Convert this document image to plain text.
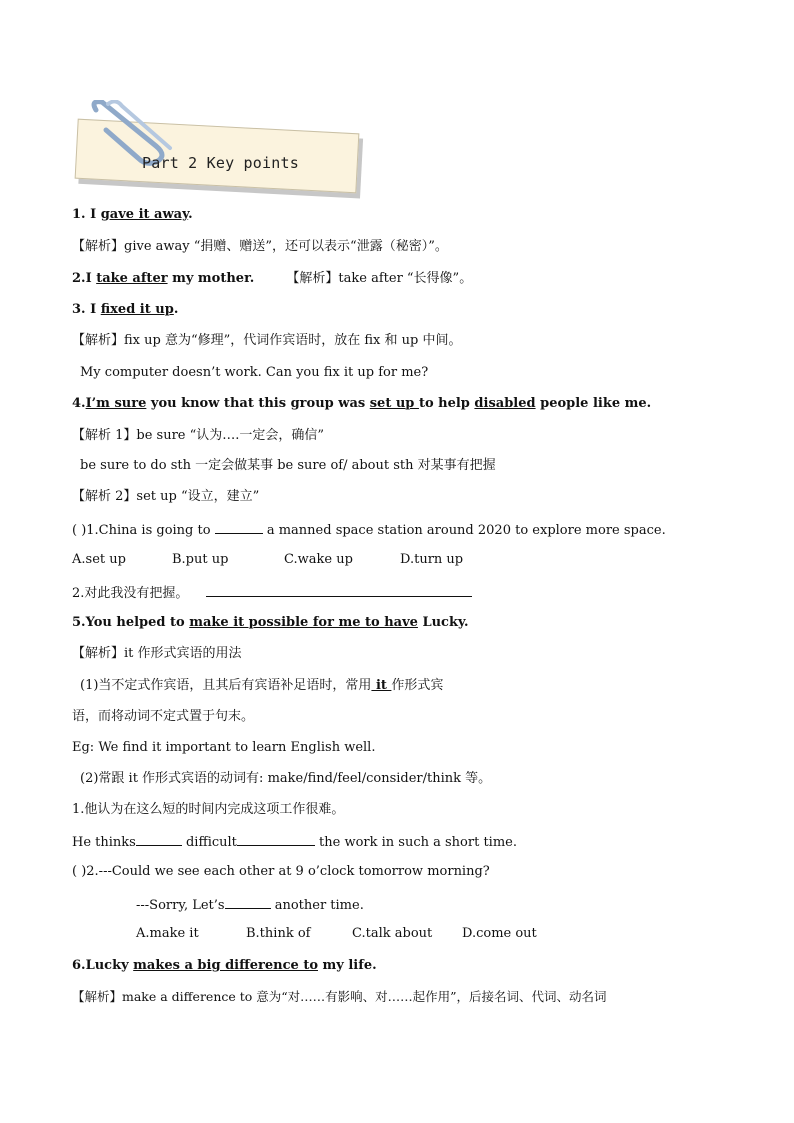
Part 2 Key points
1. I gave it away.
【解析】give away “捐赠、赠送”，还可以表示“泄露（秘密）”。
2.I take after my mother. 【解析】take after “长得像”。
3. I fixed it up.
【解析】fix up 意为“修理”，代词作宾语时，放在 fix 和 up 中间。
My computer doesn’t work. Can you fix it up for me?
4.I’m sure you know that this group was set up to help disabled people like me.
【解析 1】be sure “认为….一定会，确信”
be sure to do sth 一定会做某事 be sure of/ about sth 对某事有把握
【解析 2】set up “设立，建立”
( )1.China is going to	a manned space station around 2020 to explore more space.
A.set up	B.put up	C.wake up	D.turn up
2.对此我没有把握。
5.You helped to make it possible for me to have Lucky.
【解析】it 作形式宾语的用法
(1)当不定式作宾语，且其后有宾语补足语时，常用 it 作形式宾
语，而将动词不定式置于句末。
Eg: We find it important to learn English well.
(2)常跟 it 作形式宾语的动词有: make/find/feel/consider/think 等。
1.他认为在这么短的时间内完成这项工作很难。
He thinks	difficult	the work in such a short time.
( )2.---Could we see each other at 9 o’clock tomorrow morning?
---Sorry, Let’s	another time.
A.make it	B.think of	C.talk about D.come out
6.Lucky makes a big difference to my life.
【解析】make a difference to 意为“对……有影响、对……起作用”，后接名词、代词、动名词
